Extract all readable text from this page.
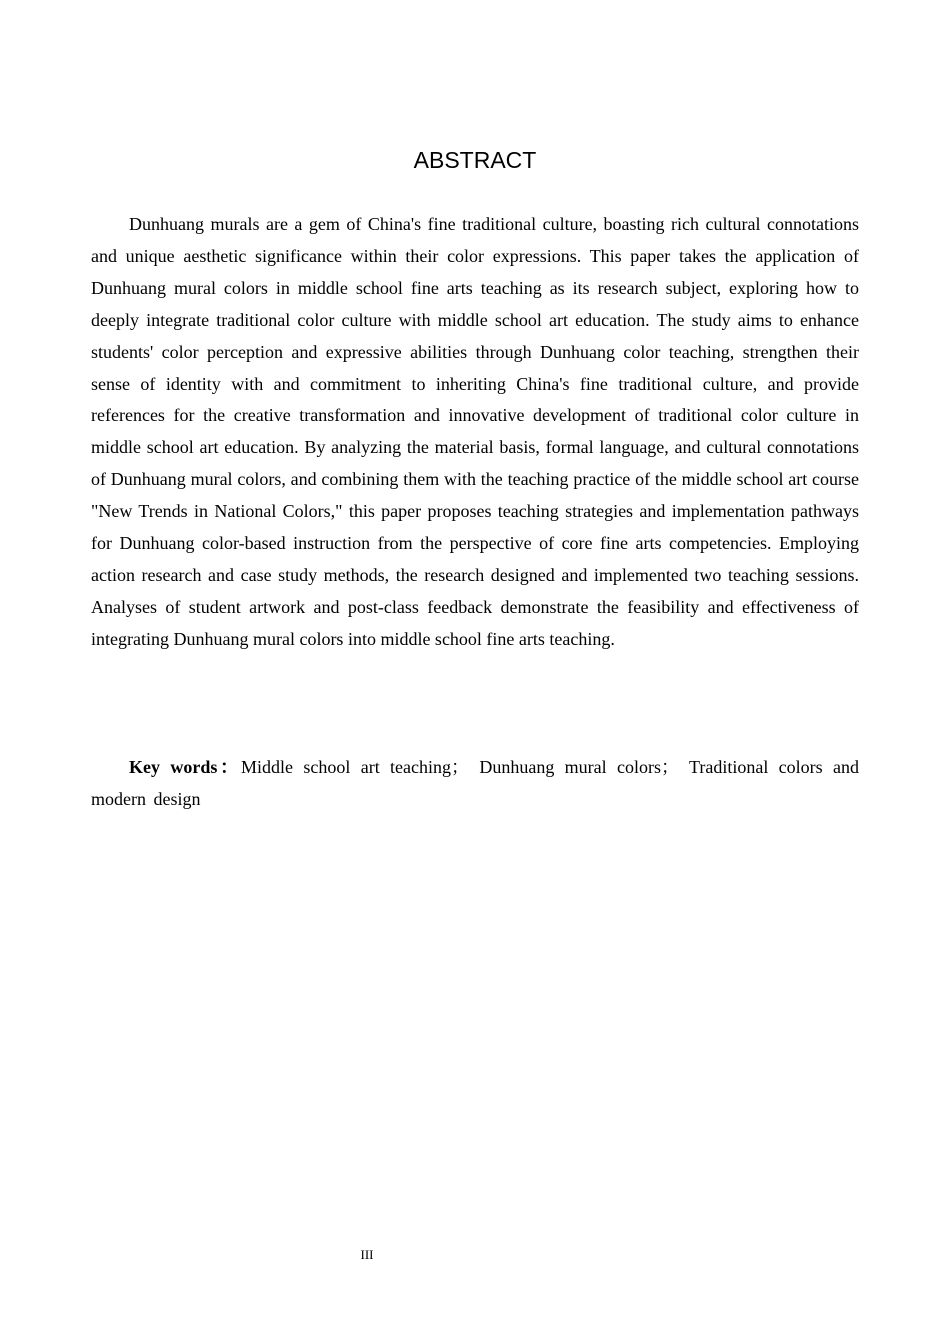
ABSTRACT

Dunhuang murals are a gem of China's fine traditional culture, boasting rich cultural connotations and unique aesthetic significance within their color expressions. This paper takes the application of Dunhuang mural colors in middle school fine arts teaching as its research subject, exploring how to deeply integrate traditional color culture with middle school art education. The study aims to enhance students' color perception and expressive abilities through Dunhuang color teaching, strengthen their sense of identity with and commitment to inheriting China's fine traditional culture, and provide references for the creative transformation and innovative development of traditional color culture in middle school art education. By analyzing the material basis, formal language, and cultural connotations of Dunhuang mural colors, and combining them with the teaching practice of the middle school art course "New Trends in National Colors," this paper proposes teaching strategies and implementation pathways for Dunhuang color-based instruction from the perspective of core fine arts competencies. Employing action research and case study methods, the research designed and implemented two teaching sessions. Analyses of student artwork and post-class feedback demonstrate the feasibility and effectiveness of integrating Dunhuang mural colors into middle school fine arts teaching.

Key words：Middle school art teaching； Dunhuang mural colors； Traditional colors and modern design

III
